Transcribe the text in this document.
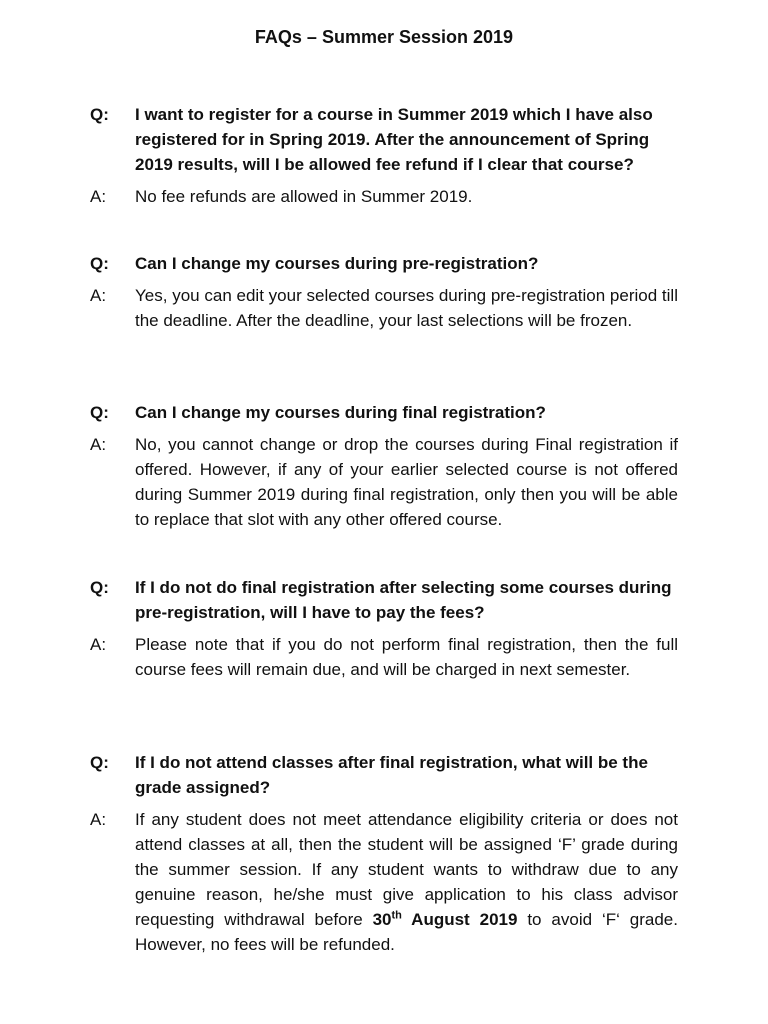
FAQs – Summer Session 2019
Q:	I want to register for a course in Summer 2019 which I have also registered for in Spring 2019. After the announcement of Spring 2019 results, will I be allowed fee refund if I clear that course?
A:	No fee refunds are allowed in Summer 2019.
Q:	Can I change my courses during pre-registration?
A:	Yes, you can edit your selected courses during pre-registration period till the deadline. After the deadline, your last selections will be frozen.
Q:	Can I change my courses during final registration?
A:	No, you cannot change or drop the courses during Final registration if offered. However, if any of your earlier selected course is not offered during Summer 2019 during final registration, only then you will be able to replace that slot with any other offered course.
Q:	If I do not do final registration after selecting some courses during pre-registration, will I have to pay the fees?
A:	Please note that if you do not perform final registration, then the full course fees will remain due, and will be charged in next semester.
Q:	If I do not attend classes after final registration, what will be the grade assigned?
A:	If any student does not meet attendance eligibility criteria or does not attend classes at all, then the student will be assigned ‘F’ grade during the summer session. If any student wants to withdraw due to any genuine reason, he/she must give application to his class advisor requesting withdrawal before 30th August 2019 to avoid ‘F‘ grade. However, no fees will be refunded.
